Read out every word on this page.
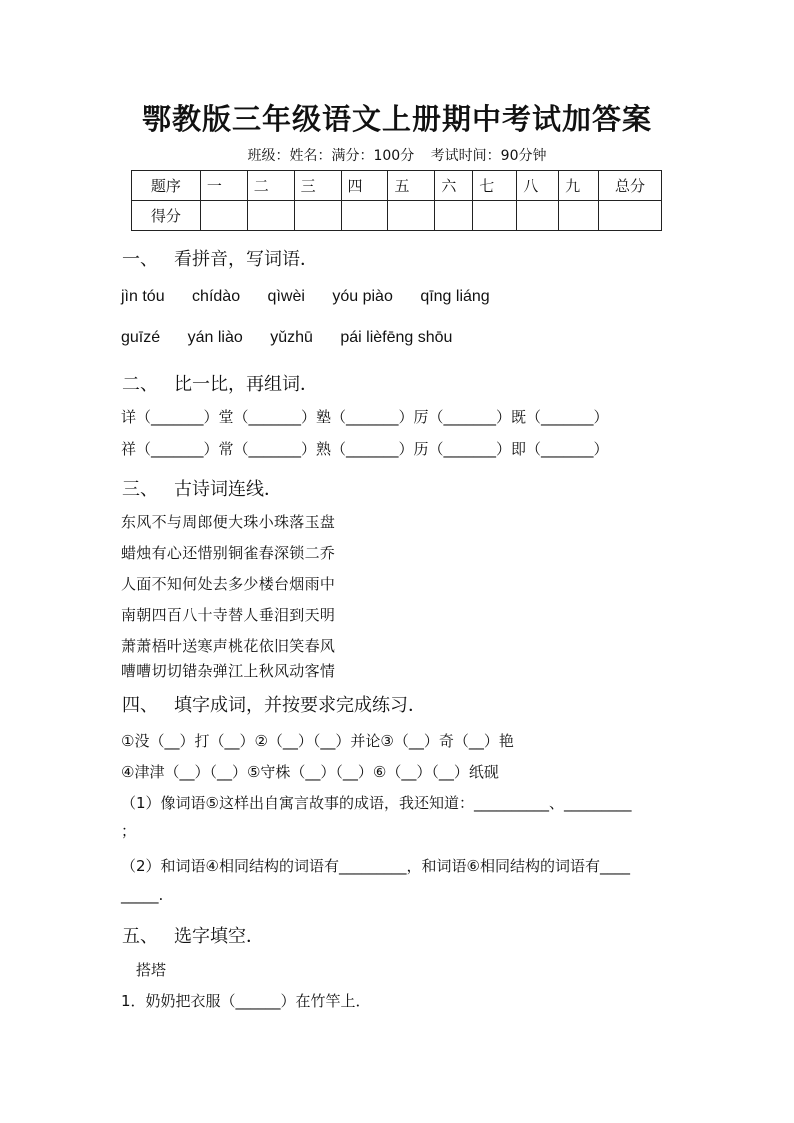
鄂教版三年级语文上册期中考试加答案
班级：姓名：满分：100分 考试时间：90分钟
题序	一	二	三	四	五	六	七	八	九	总分
得分										
一、 看拼音，写词语．
jìn tóu chídào qìwèi yóu piào qīng liáng
guīzé yán liào yǔzhū pái lièfēng shōu
二、 比一比，再组词．
详（_______）堂（_______）塾（_______）厉（_______）既（_______）
祥（_______）常（_______）熟（_______）历（_______）即（_______）
三、 古诗词连线．
东风不与周郎便大珠小珠落玉盘
蜡烛有心还惜别铜雀春深锁二乔
人面不知何处去多少楼台烟雨中
南朝四百八十寺替人垂泪到天明
萧萧梧叶送寒声桃花依旧笑春风
嘈嘈切切错杂弹江上秋风动客情
四、 填字成词，并按要求完成练习．
①没（__）打（__）②（__）（__）并论③（__）奇（__）艳
④津津（__）（__）⑤守株（__）（__）⑥（__）（__）纸砚
（1）像词语⑤这样出自寓言故事的成语，我还知道：__________、_________
；
（2）和词语④相同结构的词语有_________，和词语⑥相同结构的词语有____
_____.
五、 选字填空．
搭塔
1．奶奶把衣服（______）在竹竿上．
